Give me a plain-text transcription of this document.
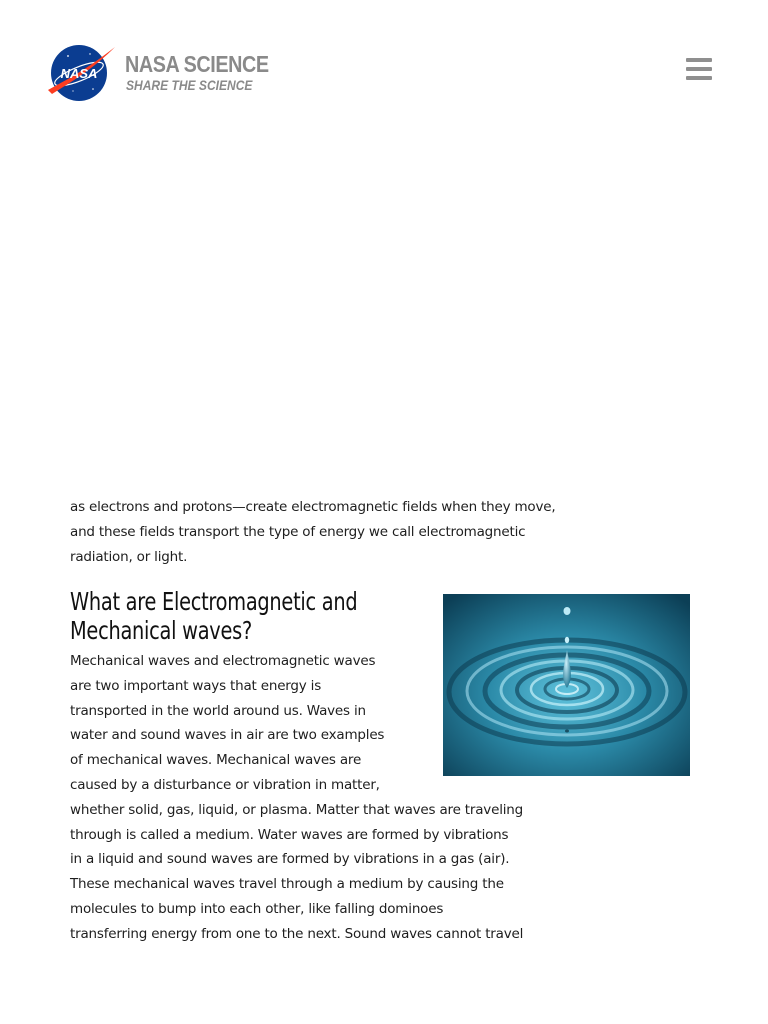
NASA NASA SCIENCE
SHARE THE SCIENCE

as electrons and protons—create electromagnetic fields when they move, and these fields transport the type of energy we call electromagnetic radiation, or light.

What are Electromagnetic and Mechanical waves?
Mechanical waves and electromagnetic waves
are two important ways that energy is
transported in the world around us. Waves in
water and sound waves in air are two examples
of mechanical waves. Mechanical waves are
caused by a disturbance or vibration in matter,
whether solid, gas, liquid, or plasma. Matter that waves are traveling
through is called a medium. Water waves are formed by vibrations
in a liquid and sound waves are formed by vibrations in a gas (air).
These mechanical waves travel through a medium by causing the
molecules to bump into each other, like falling dominoes
transferring energy from one to the next. Sound waves cannot travel
